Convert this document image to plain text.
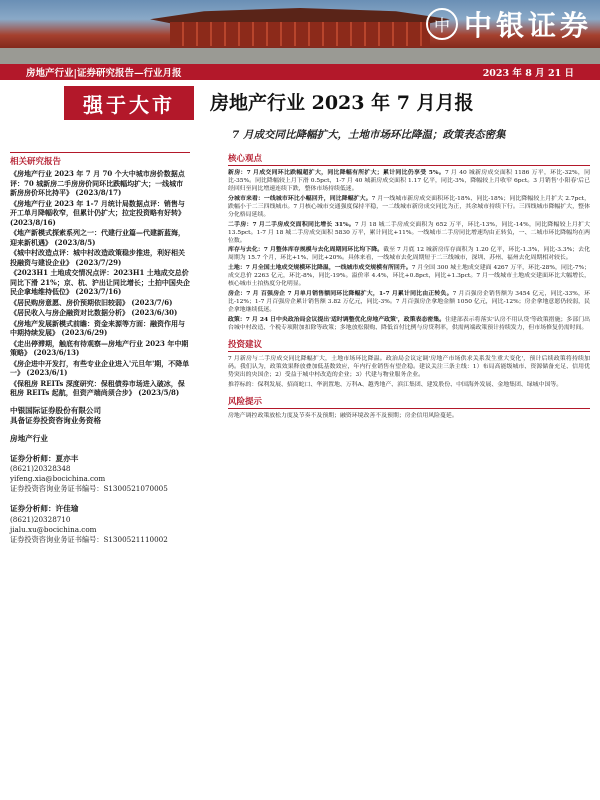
中 中银证券
房地产行业|证券研究报告—行业月报	2023 年 8 月 21 日
强于大市	房地产行业 2023 年 7 月月报
7 月成交同比降幅扩大，土地市场环比降温；政策表态密集
相关研究报告
《房地产行业 2023 年 7 月 70 个大中城市房价数据点评：70 城新房二手房房价同环比跌幅均扩大；一线城市新房房价环比持平》 (2023/8/17)
《房地产行业 2023 年 1-7 月统计局数据点评：销售与开工单月降幅收窄，但累计仍扩大；拉定投资略有好转》 (2023/8/16)
《地产新模式探索系列之一：代建行业篇—代建新蓝海，迎来新机遇》 (2023/8/5)
《城中村改造点评：城中村改造政策稳步推进，利好相关投融资与建设企业》 (2023/7/29)
《2023H1 土地成交情况点评：2023H1 土地成交总价同比下滑 21%；京、杭、沪出让同比增长；土拍中国央企民企拿地维持低位》 (2023/7/16)
《居民购房意愿、房价预期依旧较弱》 (2023/7/6)
《居民收入与房企融资对比数据分析》 (2023/6/30)
《房地产发展新模式前瞻：资金来源等方面：融资作用与中期持续发展》 (2023/6/29)
《走出停滞期，触底有待观察—房地产行业 2023 年中期策略》 (2023/6/13)
《房企进中开发打，有些专业企业进入'元旦年'期，不降单一》 (2023/6/1)
《保租房 REITs 深度研究：保租债券市场进入破冰，保租房 REITs 起航，但资产端尚须合步》 (2023/5/8)
中银国际证券股份有限公司
具备证券投资咨询业务资格
房地产行业
证券分析师：夏亦丰
(8621)20328348
yifeng.xia@bocichina.com
证券投资咨询业务证书编号：S1300521070005
证券分析师：许佳瑜
(8621)20328710
jialu.xu@bocichina.com
证券投资咨询业务证书编号：S1300521110002
核心观点
新房：7 月成交同环比跌幅超扩大，同比降幅有所扩大；累计同比仍享受 5%。7 月 40 城新房成交面积 1186 万平，环比-32%，同比-35%。同比降幅较上月下滑 0.5pct，1-7 月 40 城新房成交面积 1.17 亿平，同比-3%，降幅较上月收窄 6pct。3 月销售'小阳春'后已经回归至同比增速连续下跌，整体市场持续低迷。
分城市来看：一线城市环比小幅回升，同比降幅扩大。7 月一线城市新房成交面积环比-18%、同比-18%；同比降幅较上月扩大 2.7pct，跌幅小于二三四线城市。7 月核心城市交通强度保持平稳，一二线城市新房成交同比为正，其余城市持续下行。三四线城市降幅扩大，整体分化格局延续。
二手房：7 月二手房成交面积同比增长 31%。7 月 18 城二手房成交面积为 652 万平，环比-13%，同比-14%，同比降幅较上月扩大 13.5pct。1-7 月 18 城二手房成交面积 5830 万平，累计同比+11%。一线城市二手房同比增速均由正转负，一、二城市环比降幅均在两位数。
库存与去化：7 月整体库存规模与去化周期同环比均下降。截至 7 月底 12 城新房库存面积为 1.20 亿平，环比-1.3%，同比-3.3%；去化周期为 15.7 个月，环比+1%、同比+20%。具体来看，一线城市去化周期短于二三线城市，深圳、苏州、福州去化周期相对较长。
土地：7 月全国土地成交规模环比降温，一线城市成交规模有所回升。7 月全国 300 城土地成交建面 4267 万平，环比-28%，同比-7%；成交总价 2263 亿元，环比-8%，同比-19%。溢价率 4.4%，环比+0.8pct，同比+1.3pct。7 月一线城市土地成交建面环比大幅增长，核心城市土拍热度分化明显。
房企：7 月 百强房企 7 月单月销售额同环比降幅扩大，1-7 月累计同比由正转负。7 月百强房企销售额为 3454 亿元，同比-33%，环比-12%；1-7 月百强房企累计销售额 3.82 万亿元，同比-3%。7 月百强房企拿地金额 1050 亿元，同比-12%；房企拿地意愿仍较弱，民企拿地继续低迷。
政策：7 月 24 日中央政治局会议提出'适时调整优化房地产政策'，政策表态密集。住建部表示将落实'认房不用认贷'等政策措施；多部门出台城中村改造、个税专项附加扣除等政策；多地放松限购、降低首付比例与房贷利率，供需两端政策预计持续发力，但市场修复仍需时间。
投资建议
7 月新房与二手房成交同比降幅扩大，土地市场环比降温。政治局会议定调'房地产市场供求关系发生重大变化'，预计后续政策将持续加码。我们认为，政策效果释放叠加低基数效应，年内行业销售有望企稳。建议关注三条主线：1）布局高能级城市、资源储备充足、信用优势突出的央国企；2）受益于城中村改造的企业；3）代建与物业服务企业。
推荐标的：保利发展、招商蛇口、华润置地、万科A、越秀地产、滨江集团、建发股份、中国海外发展、金地集团、绿城中国等。
风险提示
房地产调控政策放松力度及节奏不及预期；融资环境改善不及预期；房企信用风险蔓延。
